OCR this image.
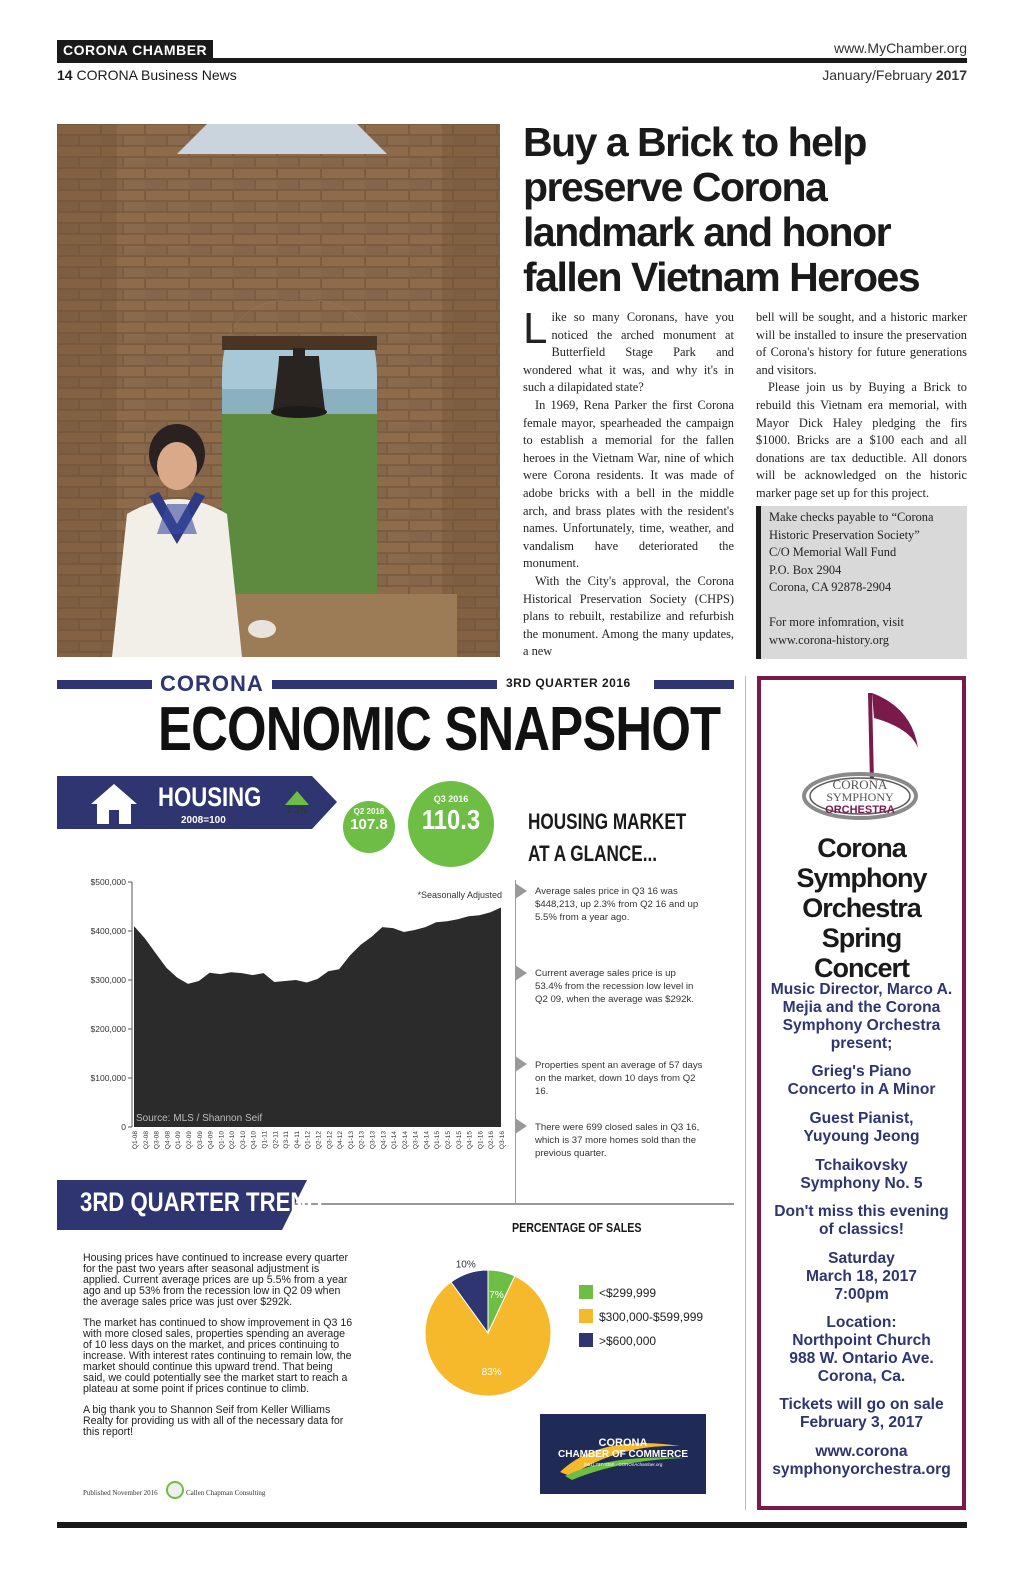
CORONA CHAMBER	www.MyChamber.org
14 CORONA Business News	January/February 2017
Buy a Brick to help preserve Corona landmark and honor fallen Vietnam Heroes

Like so many Coronans, have you noticed the arched monument at Butterfield Stage Park and wondered what it was, and why it's in such a dilapidated state?

In 1969, Rena Parker the first Corona female mayor, spearheaded the campaign to establish a memorial for the fallen heroes in the Vietnam War, nine of which were Corona residents. It was made of adobe bricks with a bell in the middle arch, and brass plates with the resident's names. Unfortunately, time, weather, and vandalism have deteriorated the monument.

With the City's approval, the Corona Historical Preservation Society (CHPS) plans to rebuilt, restabilize and refurbish the monument. Among the many updates, a new

bell will be sought, and a historic marker will be installed to insure the preservation of Corona's history for future generations and visitors.

Please join us by Buying a Brick to rebuild this Vietnam era memorial, with Mayor Dick Haley pledging the firs $1000. Bricks are a $100 each and all donations are tax deductible. All donors will be acknowledged on the historic marker page set up for this project.

Make checks payable to “Corona Historic Preservation Society”
C/O Memorial Wall Fund
P.O. Box 2904
Corona, CA 92878-2904
For more infomration, visit www.corona-history.org
CORONA	3RD QUARTER 2016
ECONOMIC SNAPSHOT
HOUSING
2008=100
2.3%	Q2 2016
107.8
Q3 2016
110.3	HOUSING MARKET
AT A GLANCE...
$500,000
$400,000
$300,000
$200,000
$100,000
0
Q1-08 Q2-08 Q3-08 Q4-08 Q1-09 Q2-09 Q3-09 Q4-09 Q1-10 Q2-10 Q3-10 Q4-10 Q1-11 Q2-11 Q3-11 Q4-11 Q1-12 Q2-12 Q3-12 Q4-12 Q1-13 Q2-13 Q3-13 Q4-13 Q1-14 Q2-14 Q3-14 Q4-14 Q1-15 Q2-15 Q3-15 Q4-15 Q1-16 Q2-16 Q3-16
*Seasonally Adjusted
Source: MLS / Shannon Seif
Average sales price in Q3 16 was $448,213, up 2.3% from Q2 16 and up 5.5% from a year ago.
Current average sales price is up 53.4% from the recession low level in Q2 09, when the average was $292k.
Properties spent an average of 57 days on the market, down 10 days from Q2 16.
There were 699 closed sales in Q3 16, which is 37 more homes sold than the previous quarter.
3RD QUARTER TREND

Housing prices have continued to increase every quarter for the past two years after seasonal adjustment is applied. Current average prices are up 5.5% from a year ago and up 53% from the recession low in Q2 09 when the average sales price was just over $292k.

The market has continued to show improvement in Q3 16 with more closed sales, properties spending an average of 10 less days on the market, and prices continuing to increase. With interest rates continuing to remain low, the market should continue this upward trend. That being said, we could potentially see the market start to reach a plateau at some point if prices continue to climb.

A big thank you to Shannon Seif from Keller Williams Realty for providing us with all of the necessary data for this report!

Published November 2016	Callen Chapman Consulting
PERCENTAGE OF SALES
7%
83%
10%
<$299,999
$300,000-$599,999
>$600,000
CORONA
CHAMBER OF COMMERCE
(951) 737-3350 · COROnAchamber.org
CORONA
SYMPHONY
ORCHESTRA
Corona Symphony Orchestra Spring Concert
Music Director, Marco A. Mejia and the Corona Symphony Orchestra present;
Grieg's Piano Concerto in A Minor
Guest Pianist, Yuyoung Jeong
Tchaikovsky Symphony No. 5
Don't miss this evening of classics!
Saturday
March 18, 2017
7:00pm
Location:
Northpoint Church
988 W. Ontario Ave.
Corona, Ca.
Tickets will go on sale February 3, 2017
www.corona
symphonyorchestra.org
